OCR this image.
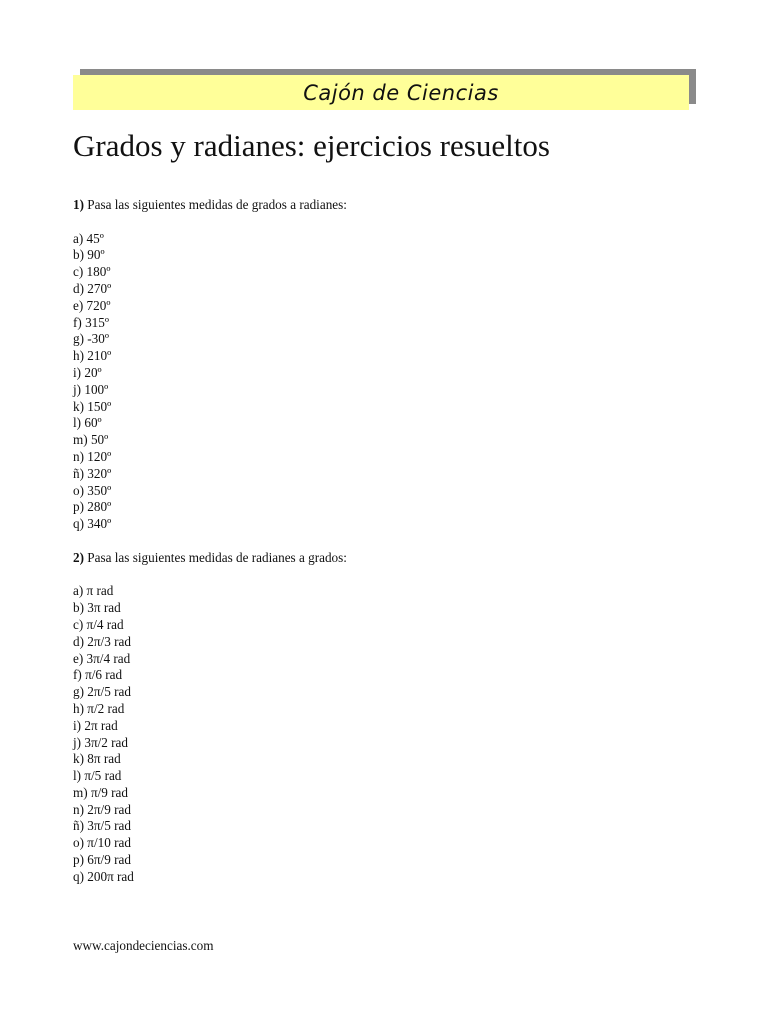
Cajón de Ciencias
Grados y radianes: ejercicios resueltos
1) Pasa las siguientes medidas de grados a radianes:
a) 45º
b) 90º
c) 180º
d) 270º
e) 720º
f) 315º
g) -30º
h) 210º
i) 20º
j) 100º
k) 150º
l) 60º
m) 50º
n) 120º
ñ) 320º
o) 350º
p) 280º
q) 340º
2) Pasa las siguientes medidas de radianes a grados:
a) π rad
b) 3π rad
c) π/4 rad
d) 2π/3 rad
e) 3π/4 rad
f) π/6 rad
g) 2π/5 rad
h) π/2 rad
i) 2π rad
j) 3π/2 rad
k) 8π rad
l) π/5 rad
m) π/9 rad
n) 2π/9 rad
ñ) 3π/5 rad
o) π/10 rad
p) 6π/9 rad
q) 200π rad
www.cajondeciencias.com
